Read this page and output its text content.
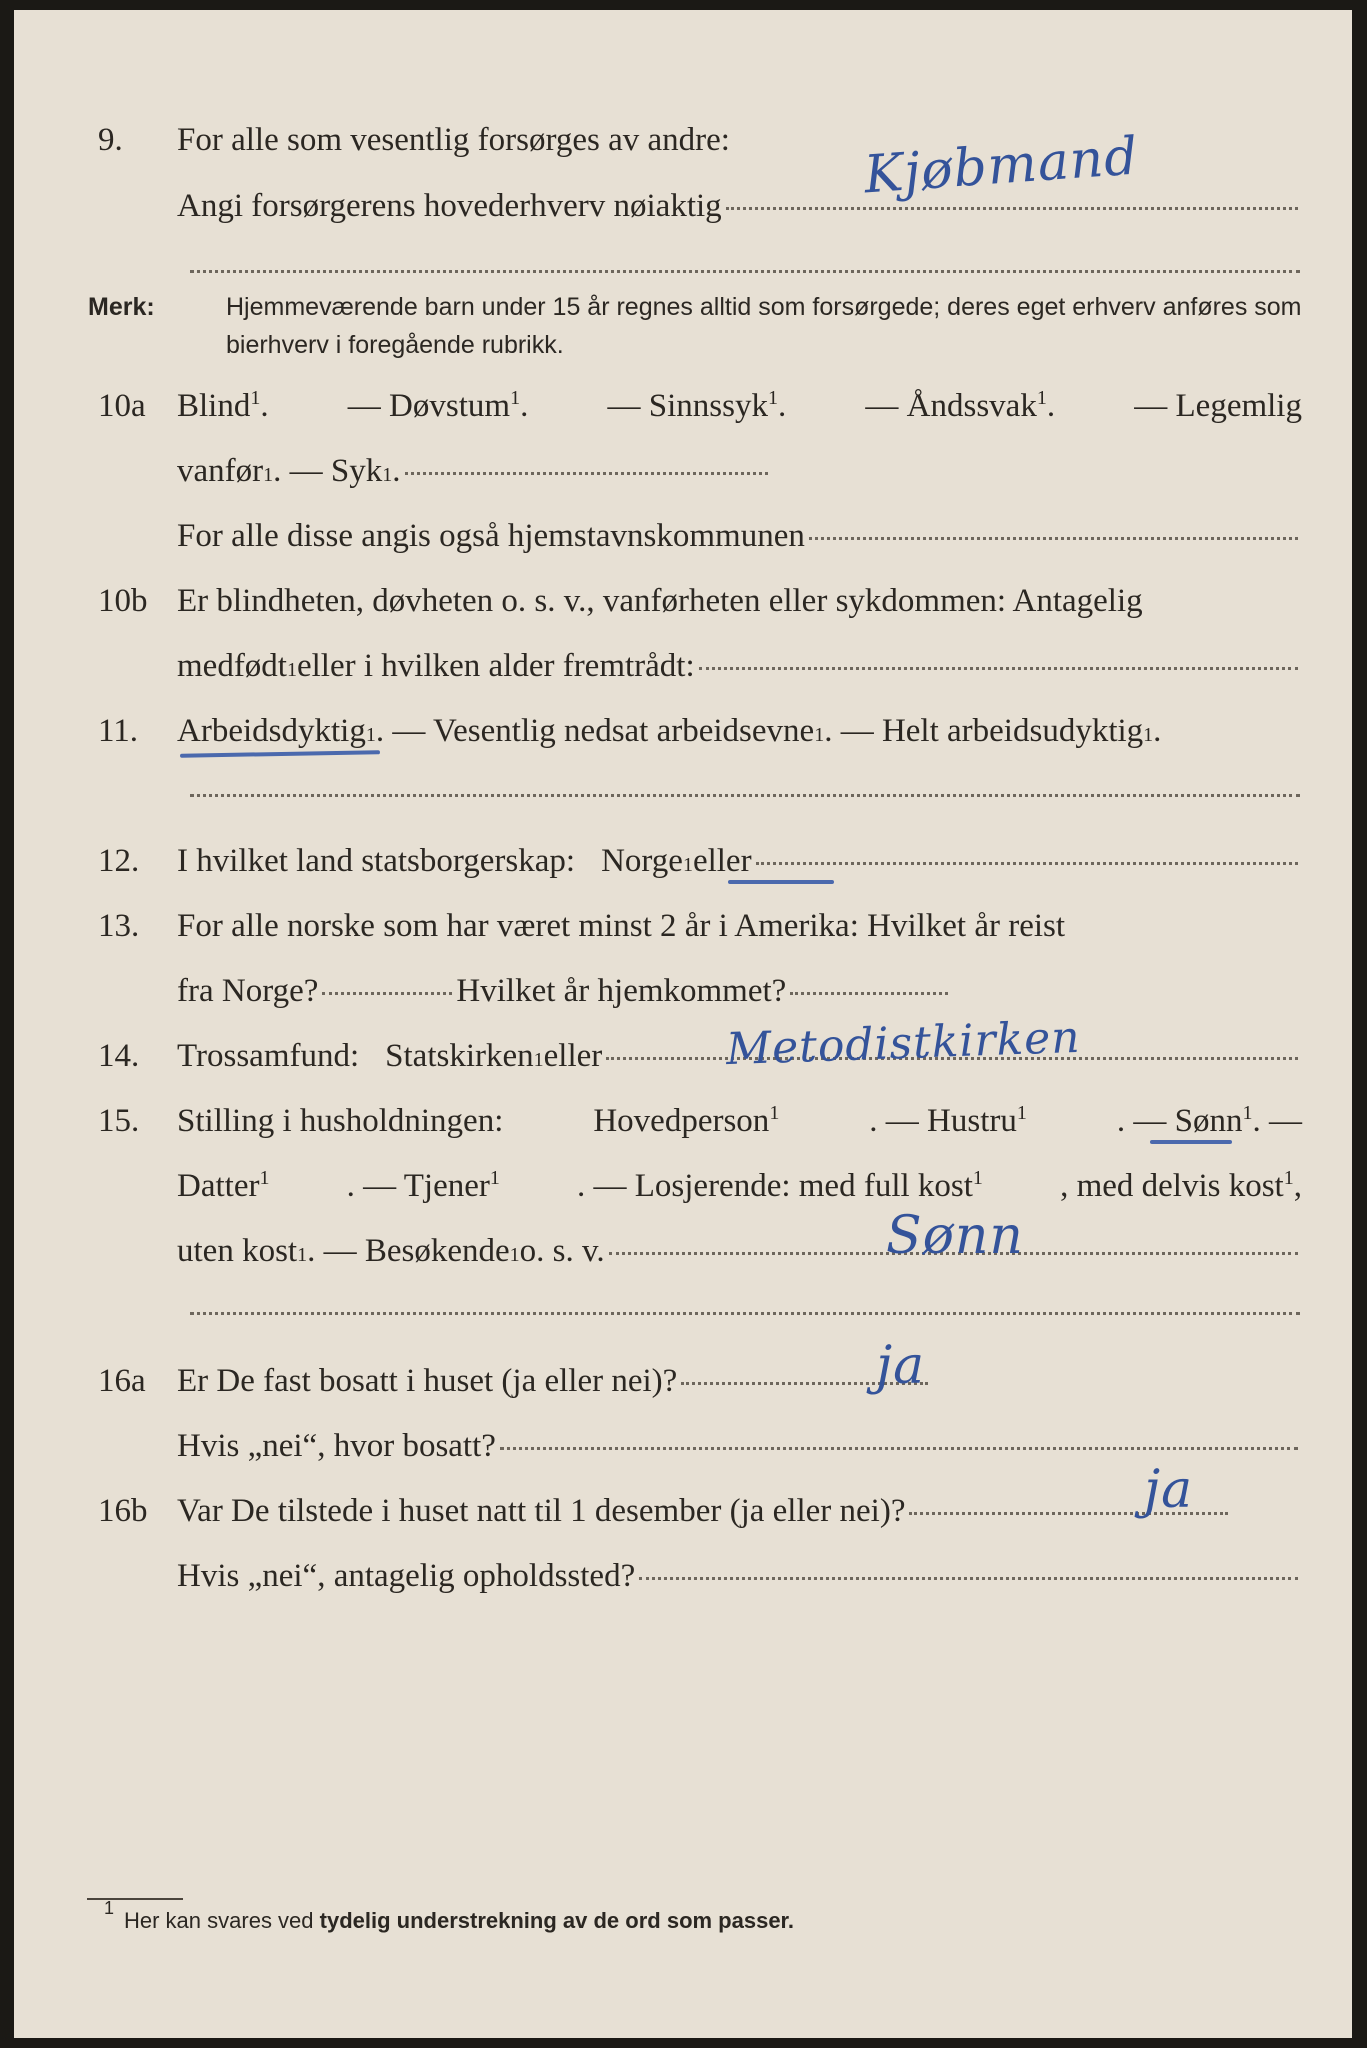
9. For alle som vesentlig forsørges av andre:
Angi forsørgerens hovederhverv nøiaktig
Kjøbmand
Merk:	Hjemmeværende barn under 15 år regnes alltid som forsørgede; deres eget erhverv anføres som bierhverv i foregående rubrikk.
10a Blind$^1$. — Døvstum$^1$. — Sinnssyk$^1$. — Åndssvak$^1$. — Legemlig
vanfør 1 . — Syk 1 .
For alle disse angis også hjemstavnskommunen
10b Er blindheten, døvheten o. s. v., vanførheten eller sykdommen: Antagelig
medfødt 1 eller i hvilken alder fremtrådt:
11. Arbeidsdyktig 1 . — Vesentlig nedsat arbeidsevne 1 . — Helt arbeidsudyktig 1 .
12. I hvilket land statsborgerskap: Norge 1 eller
13. For alle norske som har været minst 2 år i Amerika: Hvilket år reist
fra Norge?	Hvilket år hjemkommet?
14. Trossamfund: Statskirken 1 eller	Metodistkirken
15. Stilling i husholdningen:	Hovedperson$^1$	. — Hustru$^1$	. — Sønn$^1$. —
Datter$^1$ . — Tjener$^1$ . — Losjerende: med full kost$^1$ , med delvis kost$^1$,
uten kost 1 . — Besøkende 1 o. s. v.	Sønn
16a Er De fast bosatt i huset (ja eller nei)?	ja
Hvis „nei“, hvor bosatt?
16b Var De tilstede i huset natt til 1 desember (ja eller nei)?	ja
Hvis „nei“, antagelig opholdssted?
1 Her kan svares ved tydelig understrekning av de ord som passer.
